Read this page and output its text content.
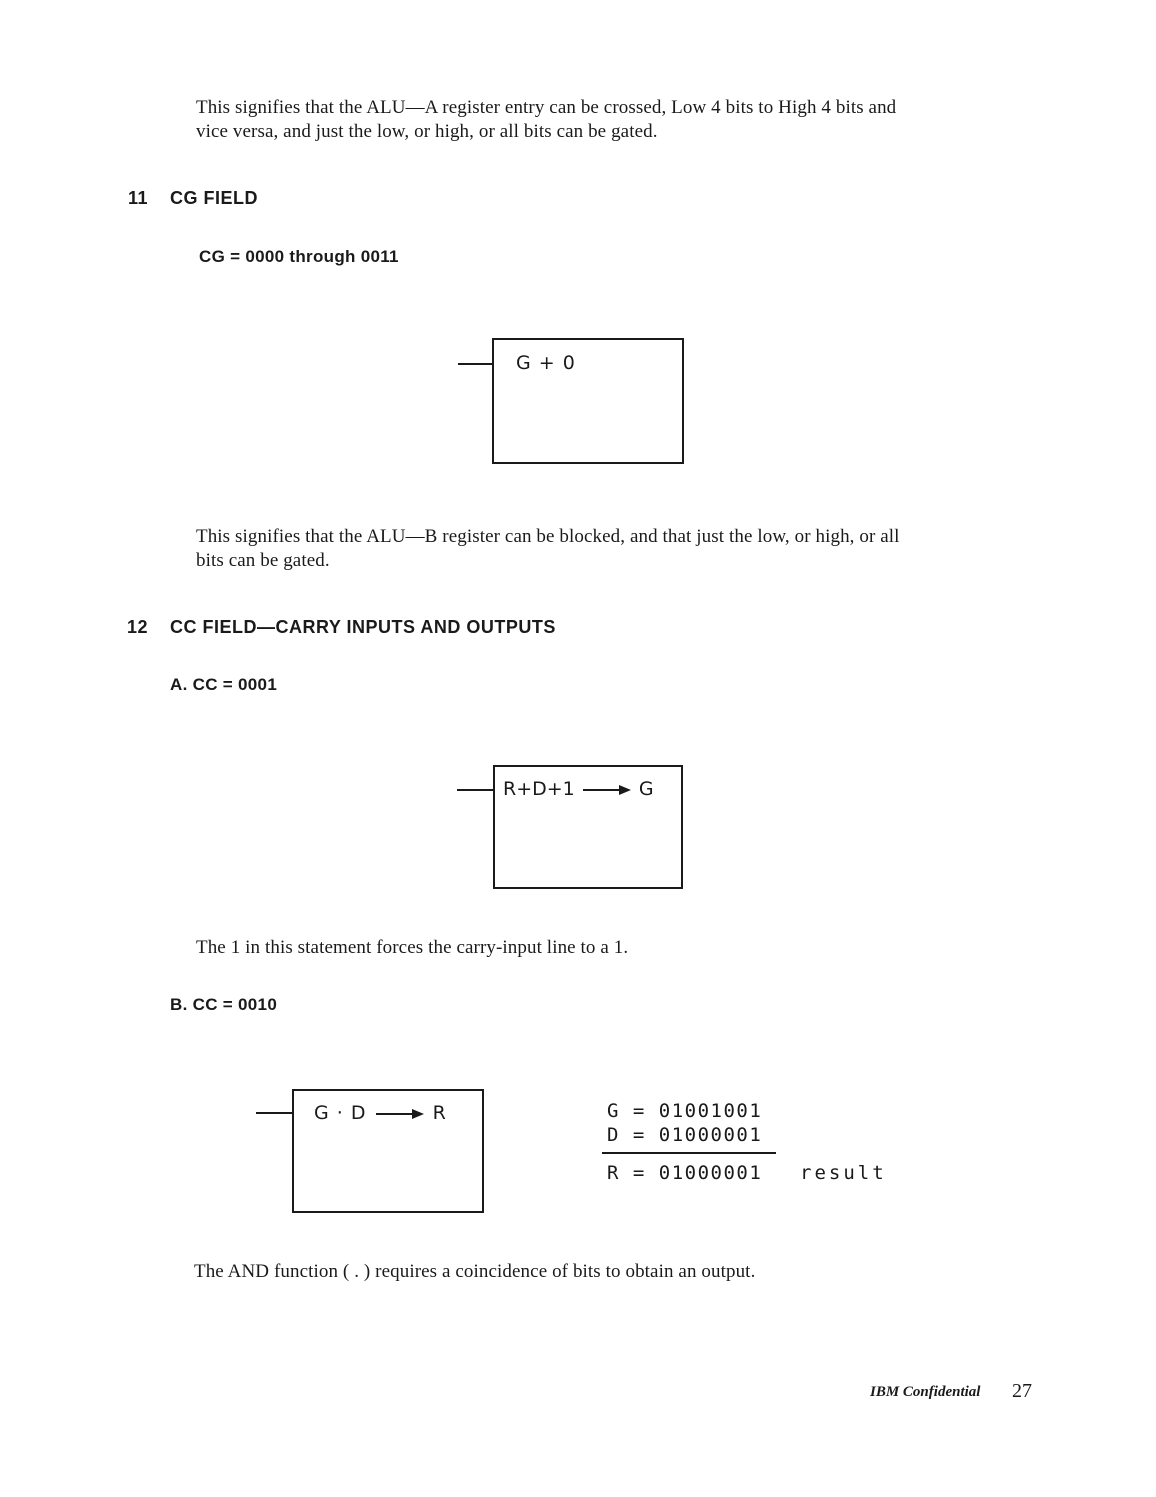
This signifies that the ALU—A register entry can be crossed, Low 4 bits to High 4 bits and
vice versa, and just the low, or high, or all bits can be gated.
11 CG FIELD
CG = 0000 through 0011
G + 0
This signifies that the ALU—B register can be blocked, and that just the low, or high, or all
bits can be gated.
12 CC FIELD—CARRY INPUTS AND OUTPUTS
A. CC = 0001
R+D+1	G
The 1 in this statement forces the carry-input line to a 1.
B. CC = 0010
G · D	R	G = 01001001
D = 01000001
R = 01000001 result
The AND function ( . ) requires a coincidence of bits to obtain an output.
IBM Confidential 27
